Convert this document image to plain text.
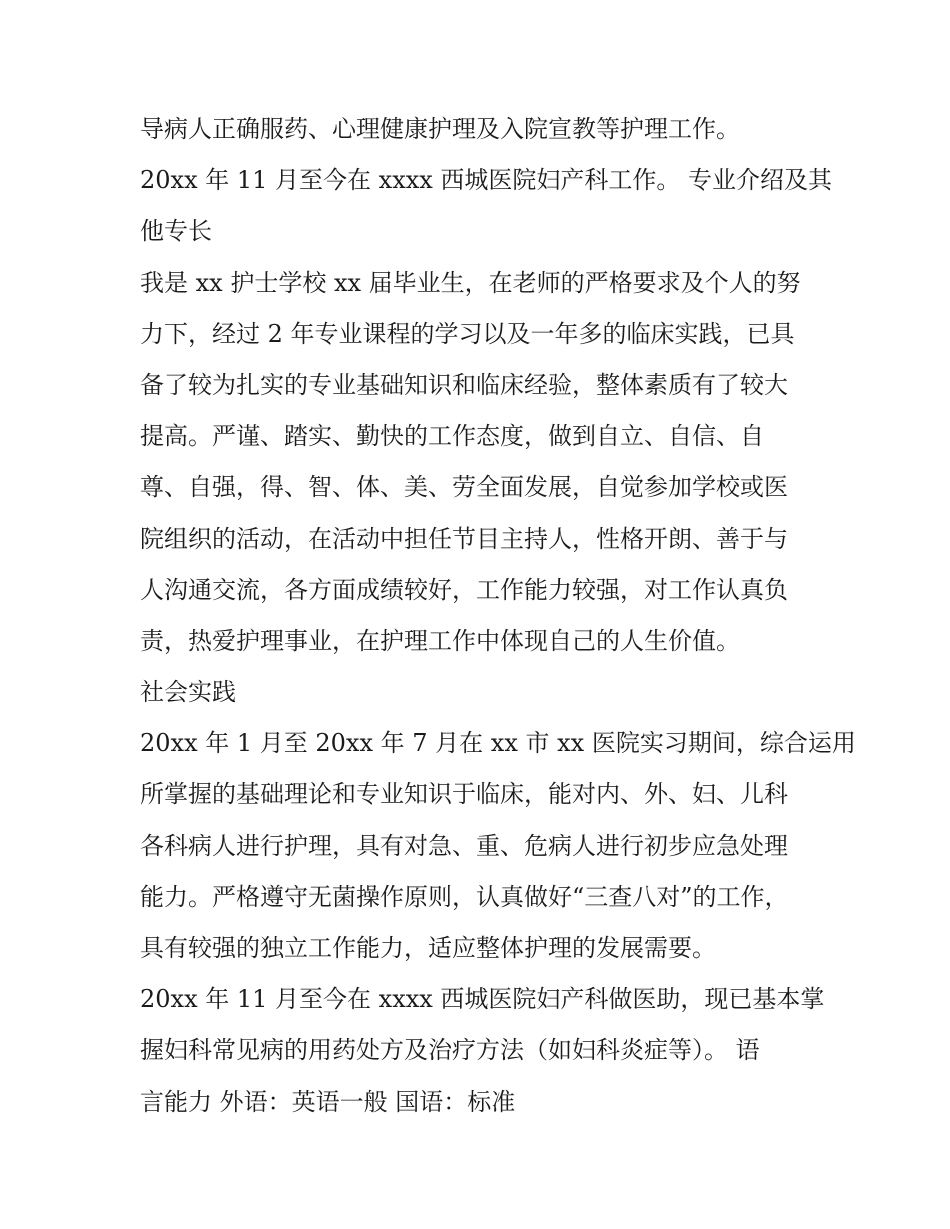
导病人正确服药、心理健康护理及入院宣教等护理工作。
20xx 年 11 月至今在 xxxx 西城医院妇产科工作。 专业介绍及其
他专长
我是 xx 护士学校 xx 届毕业生，在老师的严格要求及个人的努
力下，经过 2 年专业课程的学习以及一年多的临床实践，已具
备了较为扎实的专业基础知识和临床经验，整体素质有了较大
提高。严谨、踏实、勤快的工作态度，做到自立、自信、自
尊、自强，得、智、体、美、劳全面发展，自觉参加学校或医
院组织的活动，在活动中担任节目主持人，性格开朗、善于与
人沟通交流，各方面成绩较好，工作能力较强，对工作认真负
责，热爱护理事业，在护理工作中体现自己的人生价值。
社会实践
20xx 年 1 月至 20xx 年 7 月在 xx 市 xx 医院实习期间，综合运用
所掌握的基础理论和专业知识于临床，能对内、外、妇、儿科
各科病人进行护理，具有对急、重、危病人进行初步应急处理
能力。严格遵守无菌操作原则，认真做好“三查八对”的工作，
具有较强的独立工作能力，适应整体护理的发展需要。
20xx 年 11 月至今在 xxxx 西城医院妇产科做医助，现已基本掌
握妇科常见病的用药处方及治疗方法（如妇科炎症等）。 语
言能力 外语：英语一般 国语：标准
